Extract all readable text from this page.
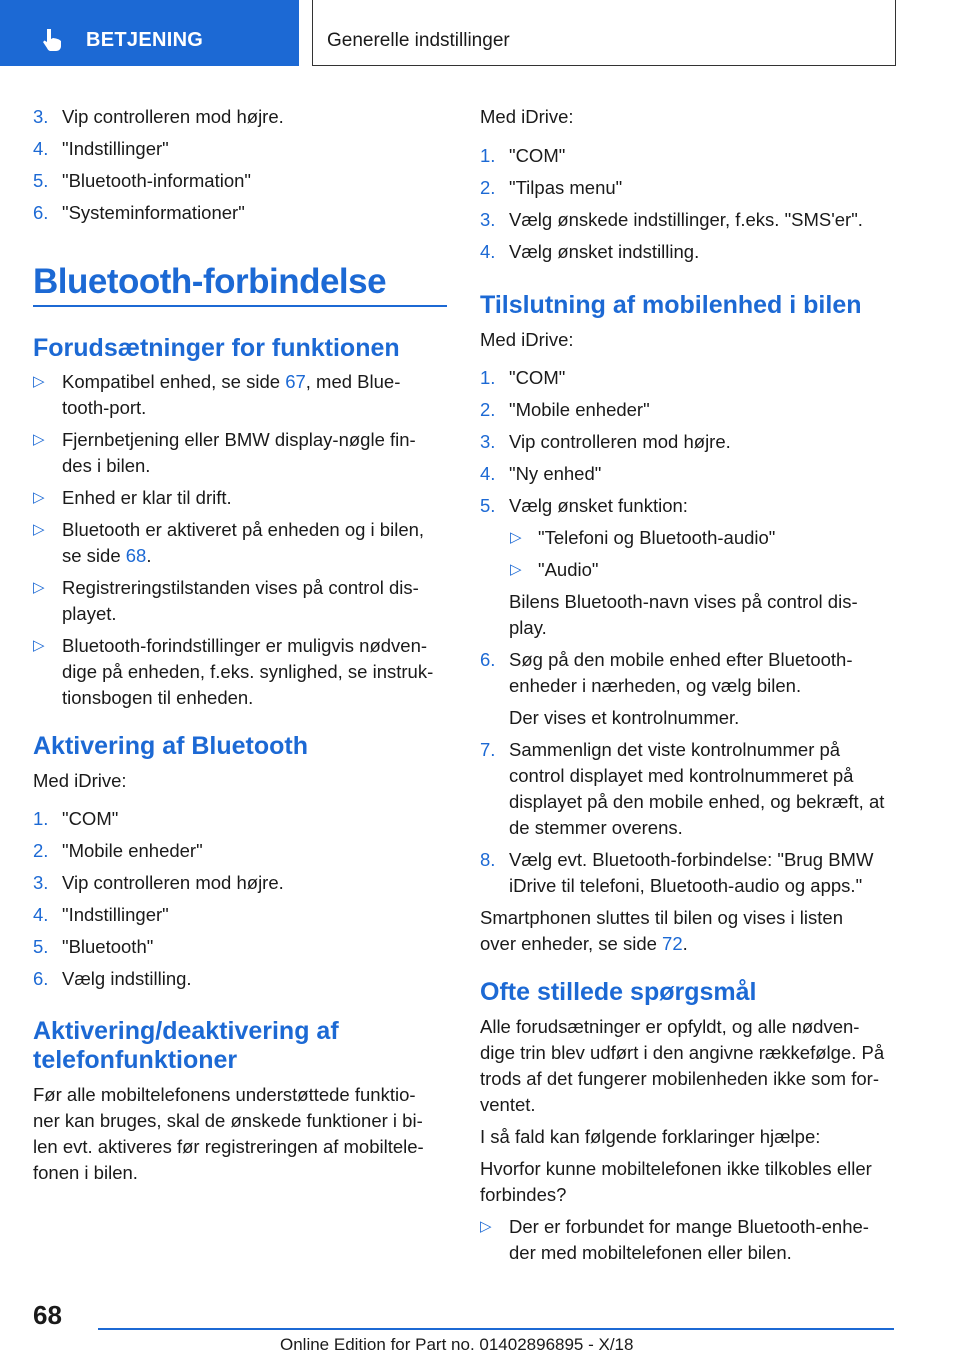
BETJENING	Generelle indstillinger
3. Vip controlleren mod højre.
4. "Indstillinger"
5. "Bluetooth-information"
6. "Systeminformationer"
Bluetooth-forbindelse
Forudsætninger for funktionen
▷ Kompatibel enhed, se side 67, med Blue-
tooth-port.
▷ Fjernbetjening eller BMW display-nøgle fin-
des i bilen.
▷ Enhed er klar til drift.
▷ Bluetooth er aktiveret på enheden og i bilen,
se side 68.
▷ Registreringstilstanden vises på control dis-
playet.
▷ Bluetooth-forindstillinger er muligvis nødven-
dige på enheden, f.eks. synlighed, se instruk-
tionsbogen til enheden.
Aktivering af Bluetooth
Med iDrive:
1. "COM"
2. "Mobile enheder"
3. Vip controlleren mod højre.
4. "Indstillinger"
5. "Bluetooth"
6. Vælg indstilling.
Aktivering/deaktivering af
telefonfunktioner
Før alle mobiltelefonens understøttede funktio-
ner kan bruges, skal de ønskede funktioner i bi-
len evt. aktiveres før registreringen af mobiltele-
fonen i bilen.
Med iDrive:
1. "COM"
2. "Tilpas menu"
3. Vælg ønskede indstillinger, f.eks. "SMS'er".
4. Vælg ønsket indstilling.
Tilslutning af mobilenhed i bilen
Med iDrive:
1. "COM"
2. "Mobile enheder"
3. Vip controlleren mod højre.
4. "Ny enhed"
5. Vælg ønsket funktion:
▷ "Telefoni og Bluetooth-audio"
▷ "Audio"
Bilens Bluetooth-navn vises på control dis-
play.
6. Søg på den mobile enhed efter Bluetooth-
enheder i nærheden, og vælg bilen.
Der vises et kontrolnummer.
7. Sammenlign det viste kontrolnummer på
control displayet med kontrolnummeret på
displayet på den mobile enhed, og bekræft, at
de stemmer overens.
8. Vælg evt. Bluetooth-forbindelse: "Brug BMW
iDrive til telefoni, Bluetooth-audio og apps."
Smartphonen sluttes til bilen og vises i listen
over enheder, se side 72.
Ofte stillede spørgsmål
Alle forudsætninger er opfyldt, og alle nødven-
dige trin blev udført i den angivne rækkefølge. På
trods af det fungerer mobilenheden ikke som for-
ventet.
I så fald kan følgende forklaringer hjælpe:
Hvorfor kunne mobiltelefonen ikke tilkobles eller
forbindes?
▷ Der er forbundet for mange Bluetooth-enhe-
der med mobiltelefonen eller bilen.
68
Online Edition for Part no. 01402896895 - X/18
